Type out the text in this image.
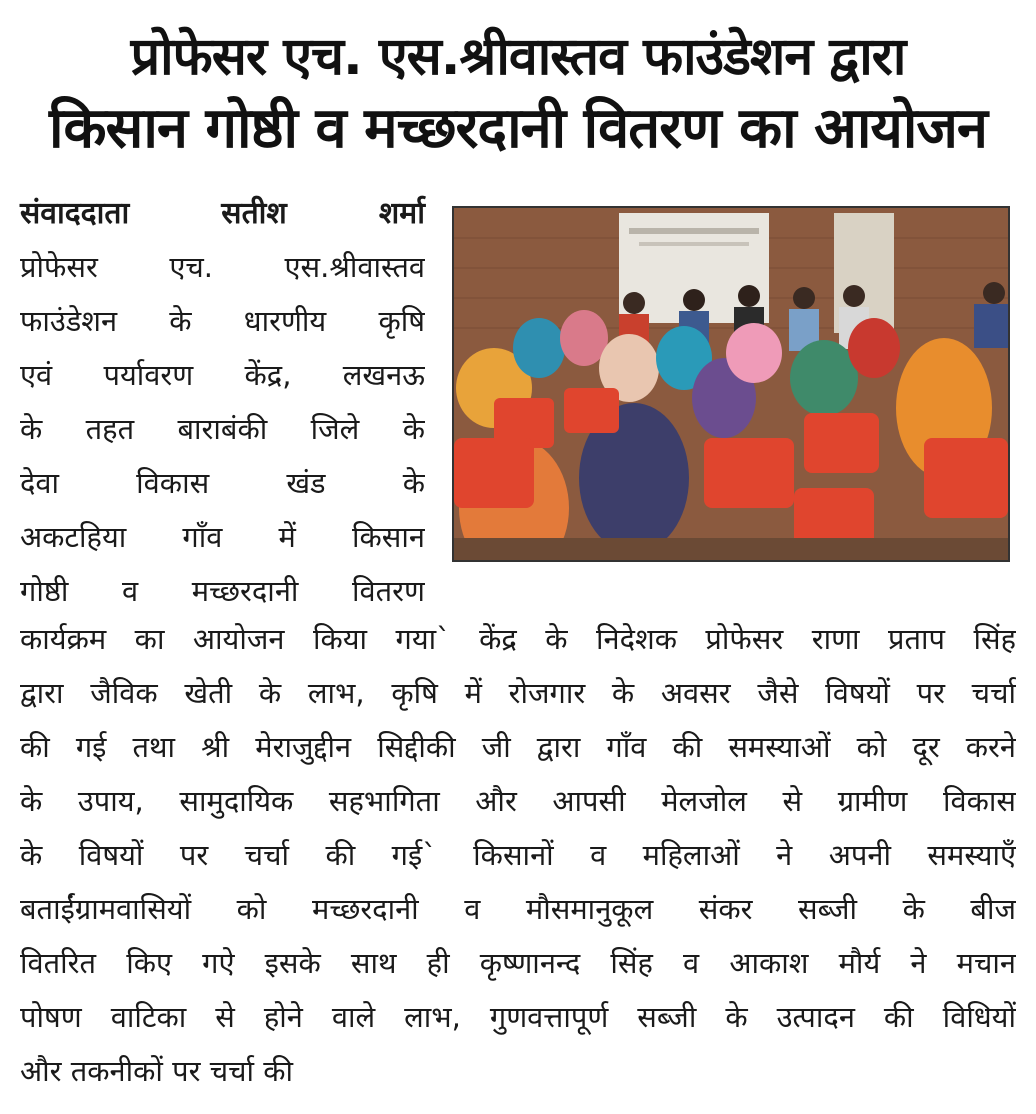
प्रोफेसर एच. एस.श्रीवास्तव फाउंडेशन द्वारा
किसान गोष्ठी व मच्छरदानी वितरण का आयोजन
संवाददाता सतीश शर्मा
प्रोफेसर एच. एस.श्रीवास्तव
फाउंडेशन के धारणीय कृषि
एवं पर्यावरण केंद्र, लखनऊ
के तहत बाराबंकी जिले के
देवा विकास खंड के
अकटहिया गाँव में किसान
गोष्ठी व मच्छरदानी वितरण
कार्यक्रम का आयोजन किया गया` केंद्र के निदेशक प्रोफेसर राणा प्रताप सिंह
द्वारा जैविक खेती के लाभ, कृषि में रोजगार के अवसर जैसे विषयों पर चर्चा
की गई तथा श्री मेराजुद्दीन सिद्दीकी जी द्वारा गाँव की समस्याओं को दूर करने
के उपाय, सामुदायिक सहभागिता और आपसी मेलजोल से ग्रामीण विकास
के विषयों पर चर्चा की गई` किसानों व महिलाओं ने अपनी समस्याएँ
बताईंग्रामवासियों को मच्छरदानी व मौसमानुकूल संकर सब्जी के बीज
वितरित किए गऐ इसके साथ ही कृष्णानन्द सिंह व आकाश मौर्य ने मचान
पोषण वाटिका से होने वाले लाभ, गुणवत्तापूर्ण सब्जी के उत्पादन की विधियों
और तकनीकों पर चर्चा की
